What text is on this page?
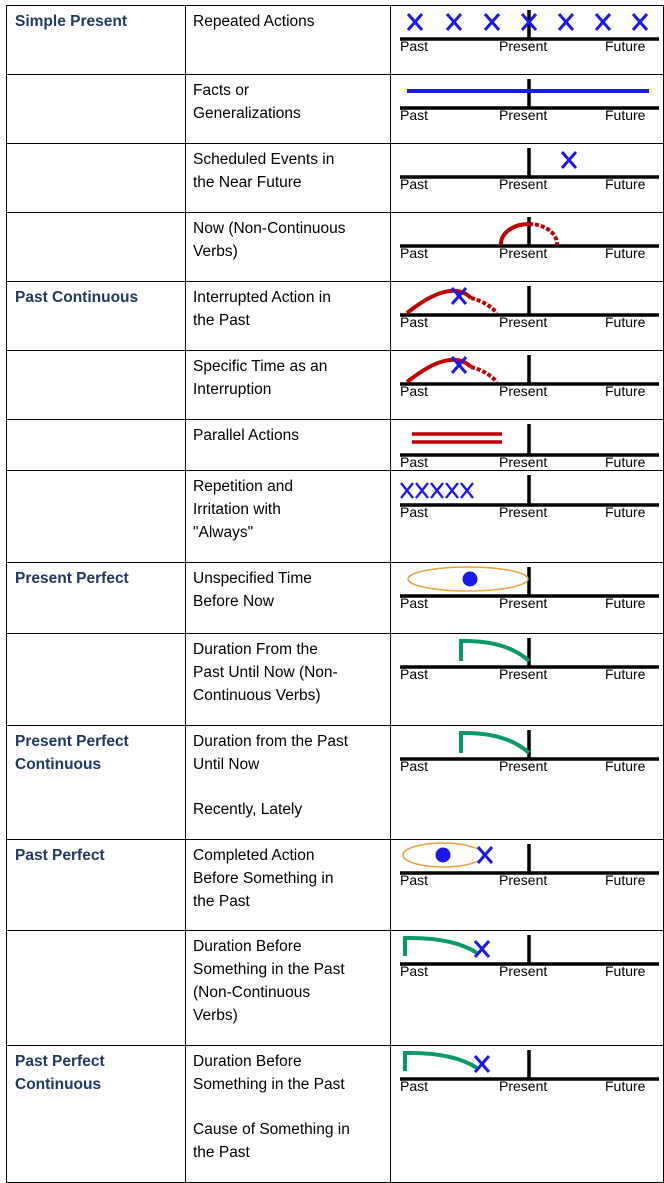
Simple Present	Repeated Actions	Past Present Future

	Facts or
Generalizations	Past Present Future

	Scheduled Events in
the Near Future	Past Present Future

	Now (Non-Continuous
Verbs)	Past Present Future

Past Continuous	Interrupted Action in
the Past	Past Present Future

	Specific Time as an
Interruption	Past Present Future

	Parallel Actions	Past Present Future

	Repetition and
Irritation with
"Always"	Past Present Future

Present Perfect	Unspecified Time
Before Now	Past Present Future

	Duration From the
Past Until Now (Non-
Continuous Verbs)	Past Present Future

Present Perfect
Continuous	Duration from the Past
Until Now
Recently, Lately	Past Present Future

Past Perfect	Completed Action
Before Something in
the Past	Past Present Future

	Duration Before
Something in the Past
(Non-Continuous
Verbs)	Past Present Future

Past Perfect
Continuous	Duration Before
Something in the Past
Cause of Something in
the Past	Past Present Future
